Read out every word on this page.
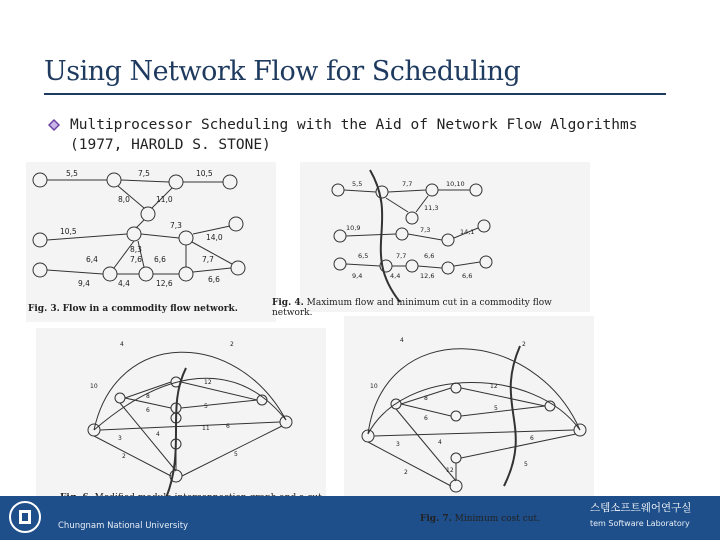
Using Network Flow for Scheduling
Multiprocessor Scheduling with the Aid of Network Flow Algorithms
(1977, HAROLD S. STONE)
5,5	7,5	10,5
8,0	11,0
10,5
8,3
7,3
14,0
6,4	7,6 6,6	7,7
9,4	4,4	12,6	6,6
Fig. 3. Flow in a commodity flow network.
5,5	7,7	10,10
11,3
10,9	7,3	14,1
6,5	7,7	6,6
9,4	4,4	12,6	6,6
Fig. 4. Maximum flow and minimum cut in a commodity flow network.
4	2
10
12
8
6
5
6
3
4
2
11
5

4
2
10	12
8
6
5
6
3	4
2	12
5
Fig. 7. Minimum cost cut.
Chungnam National University
스템소프트웨어연구실
tem Software Laboratory
